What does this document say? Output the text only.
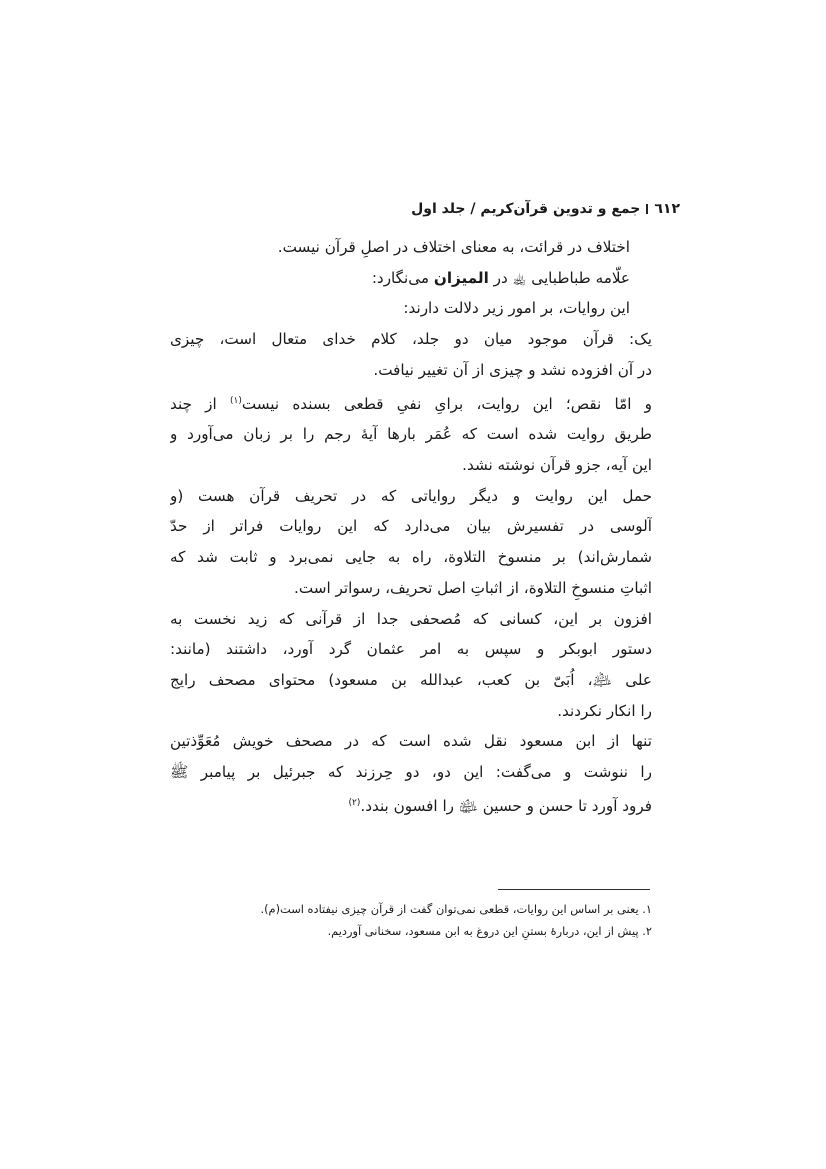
٦١٢
جمع و تدوین قرآن‌کریم / جلد اول
اختلاف در قرائت، به معنای اختلاف در اصلِ قرآن نیست.
علّامه طباطبایی ﵀ در المیزان می‌نگارد:
این روایات، بر امور زیر دلالت دارند:
یک: قرآن موجود میان دو جلد، کلام خدای متعال است، چیزی
در آن افزوده نشد و چیزی از آن تغییر نیافت.
و امّا نقص؛ این روایت، برایِ نفیِ قطعی بسنده نیست$^{(۱)}$ از چند
طریق روایت شده است که عُمَر بارها آیهٔ رجم را بر زبان می‌آورد و
این آیه، جزو قرآن نوشته نشد.
حمل این روایت و دیگر روایاتی که در تحریف قرآن هست (و
آلوسی در تفسیرش بیان می‌دارد که این روایات فراتر از حدّ
شمارش‌اند) بر منسوخ التلاوة، راه به جایی نمی‌برد و ثابت شد که
اثباتِ منسوخِ التلاوة، از اثباتِ اصل تحریف، رسواتر است.
افزون بر این، کسانی که مُصحفی جدا از قرآنی که زید نخست به
دستور ابوبکر و سپس به امر عثمان گرد آورد، داشتند (مانند:
علی ﵇، اُبَیّ بن کعب، عبدالله بن مسعود) محتوای مصحف رایج
را انکار نکردند.
تنها از ابن مسعود نقل شده است که در مصحف خویش مُعَوِّذتین
را ننوشت و می‌گفت: این دو، دو حِرزند که جبرئیل بر پیامبر ﷺ
فرود آورد تا حسن و حسین ﵉ را افسون بندد.$^{(۲)}$
۱. یعنی بر اساس این روایات، قطعی نمی‌توان گفت از قرآن چیزی نیفتاده است(م).
۲. پیش از این، دربارهٔ بستنِ این دروغ به ابن مسعود، سخنانی آوردیم.
